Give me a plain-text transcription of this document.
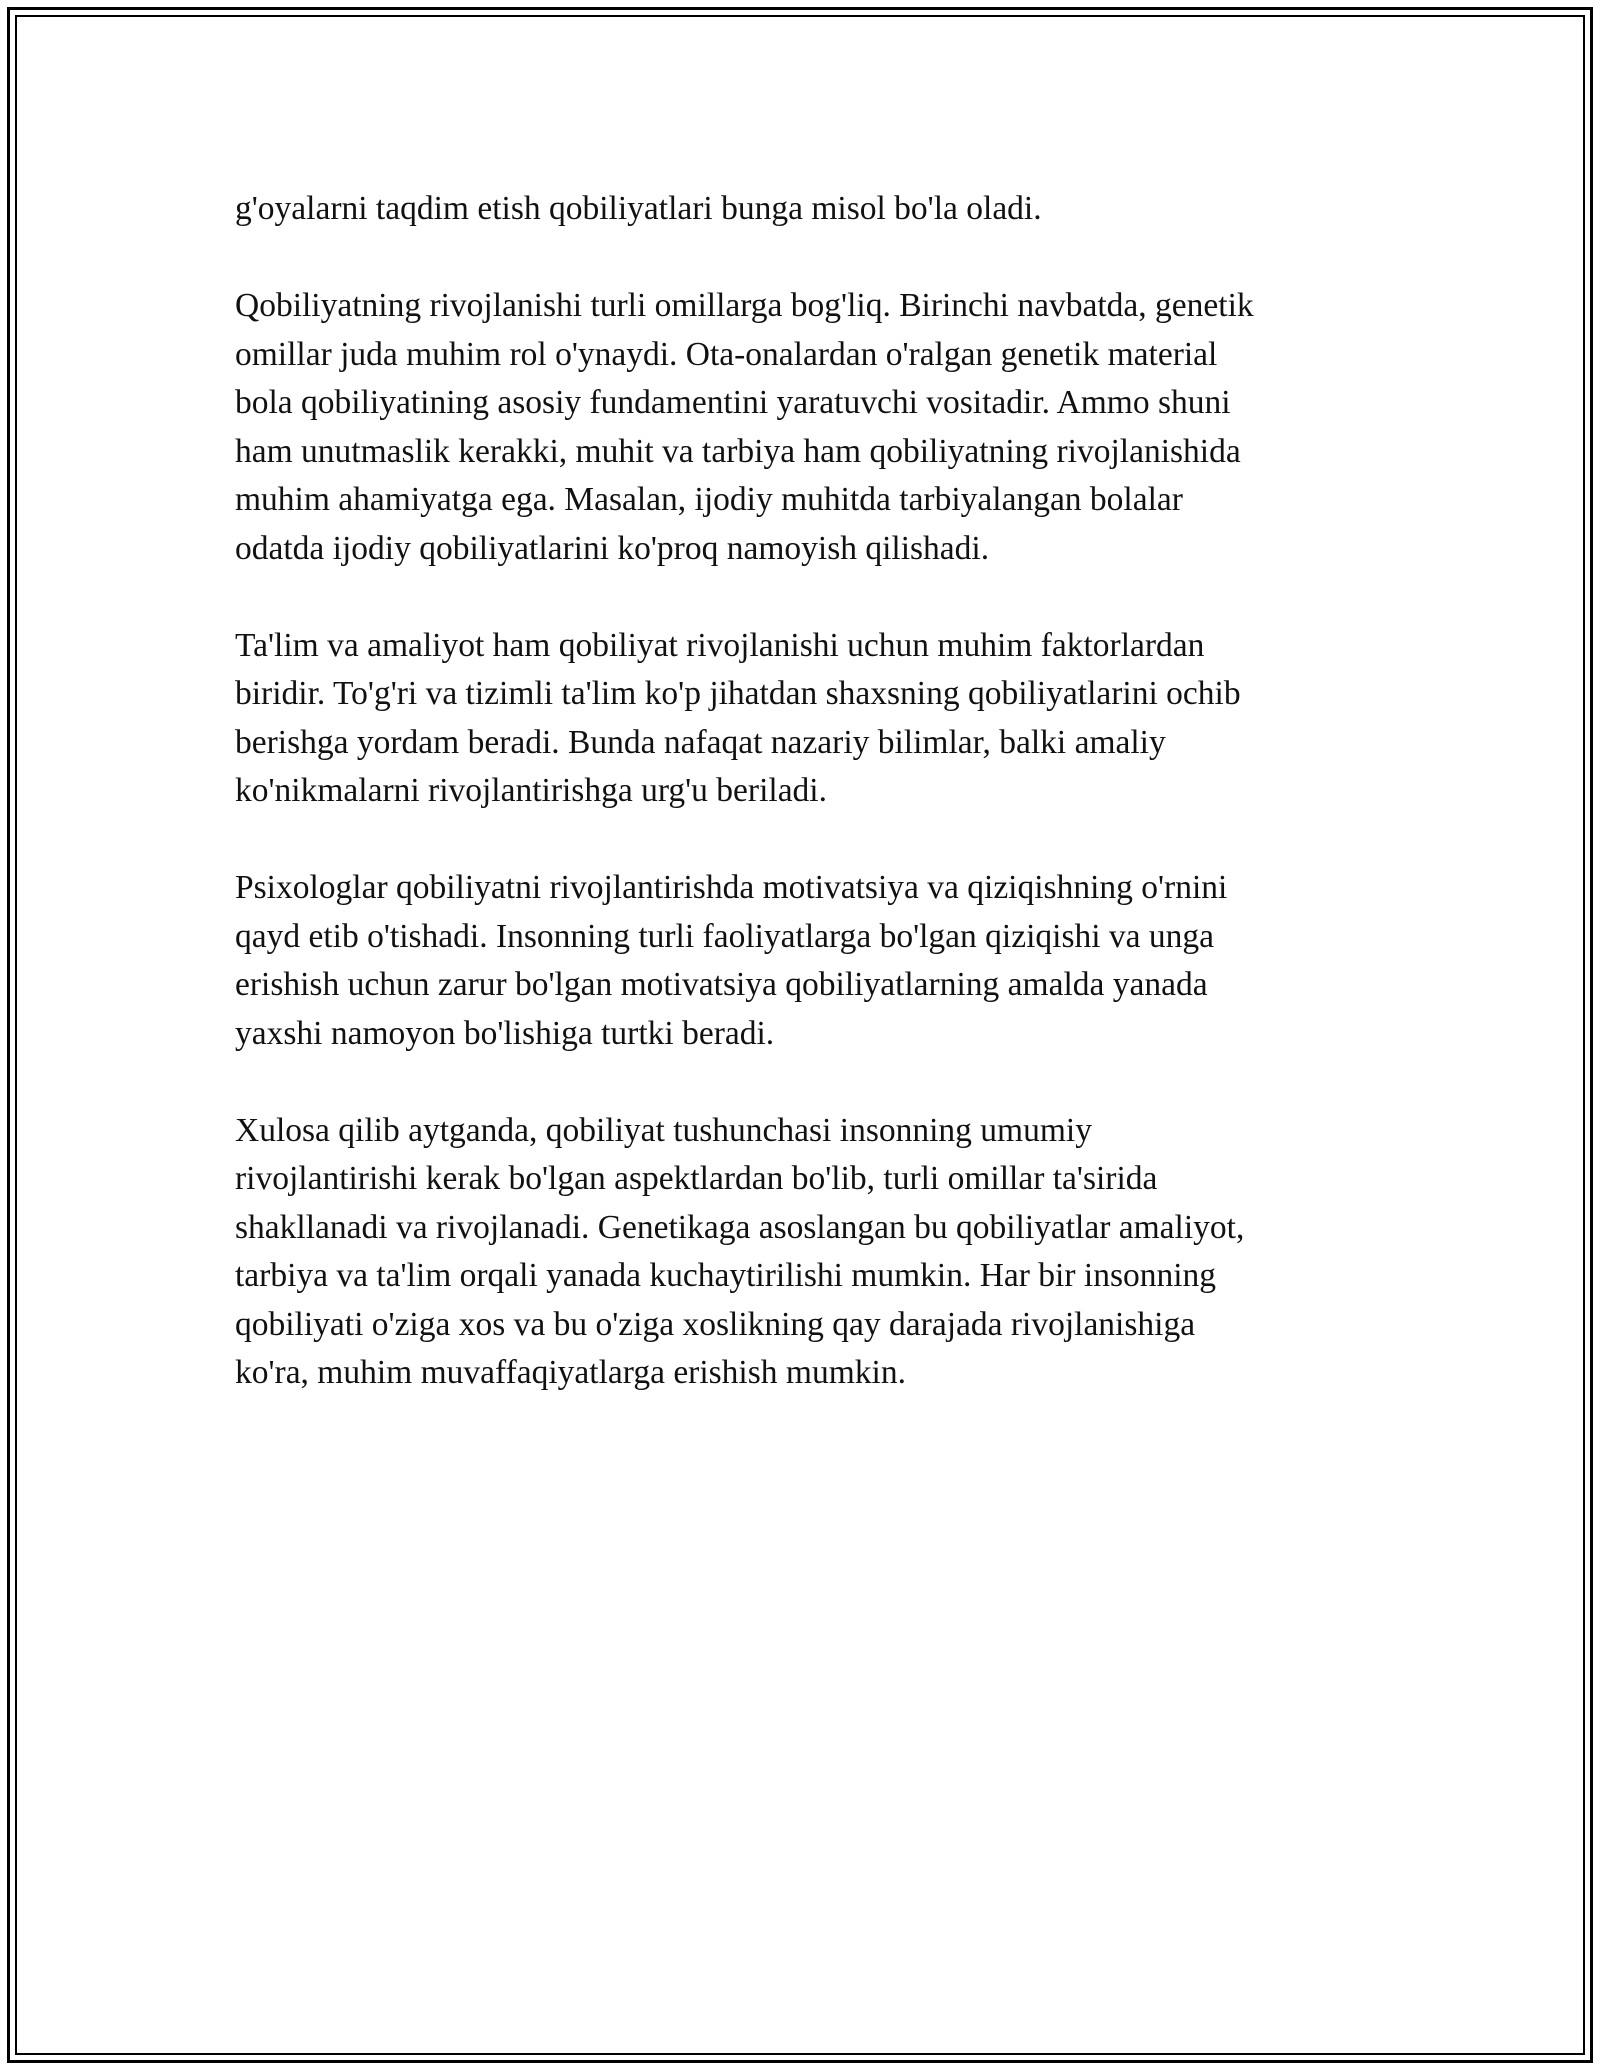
g'oyalarni taqdim etish qobiliyatlari bunga misol bo'la oladi.

Qobiliyatning rivojlanishi turli omillarga bog'liq. Birinchi navbatda, genetik
omillar juda muhim rol o'ynaydi. Ota-onalardan o'ralgan genetik material
bola qobiliyatining asosiy fundamentini yaratuvchi vositadir. Ammo shuni
ham unutmaslik kerakki, muhit va tarbiya ham qobiliyatning rivojlanishida
muhim ahamiyatga ega. Masalan, ijodiy muhitda tarbiyalangan bolalar
odatda ijodiy qobiliyatlarini ko'proq namoyish qilishadi.

Ta'lim va amaliyot ham qobiliyat rivojlanishi uchun muhim faktorlardan
biridir. To'g'ri va tizimli ta'lim ko'p jihatdan shaxsning qobiliyatlarini ochib
berishga yordam beradi. Bunda nafaqat nazariy bilimlar, balki amaliy
ko'nikmalarni rivojlantirishga urg'u beriladi.

Psixologlar qobiliyatni rivojlantirishda motivatsiya va qiziqishning o'rnini
qayd etib o'tishadi. Insonning turli faoliyatlarga bo'lgan qiziqishi va unga
erishish uchun zarur bo'lgan motivatsiya qobiliyatlarning amalda yanada
yaxshi namoyon bo'lishiga turtki beradi.

Xulosa qilib aytganda, qobiliyat tushunchasi insonning umumiy
rivojlantirishi kerak bo'lgan aspektlardan bo'lib, turli omillar ta'sirida
shakllanadi va rivojlanadi. Genetikaga asoslangan bu qobiliyatlar amaliyot,
tarbiya va ta'lim orqali yanada kuchaytirilishi mumkin. Har bir insonning
qobiliyati o'ziga xos va bu o'ziga xoslikning qay darajada rivojlanishiga
ko'ra, muhim muvaffaqiyatlarga erishish mumkin.
